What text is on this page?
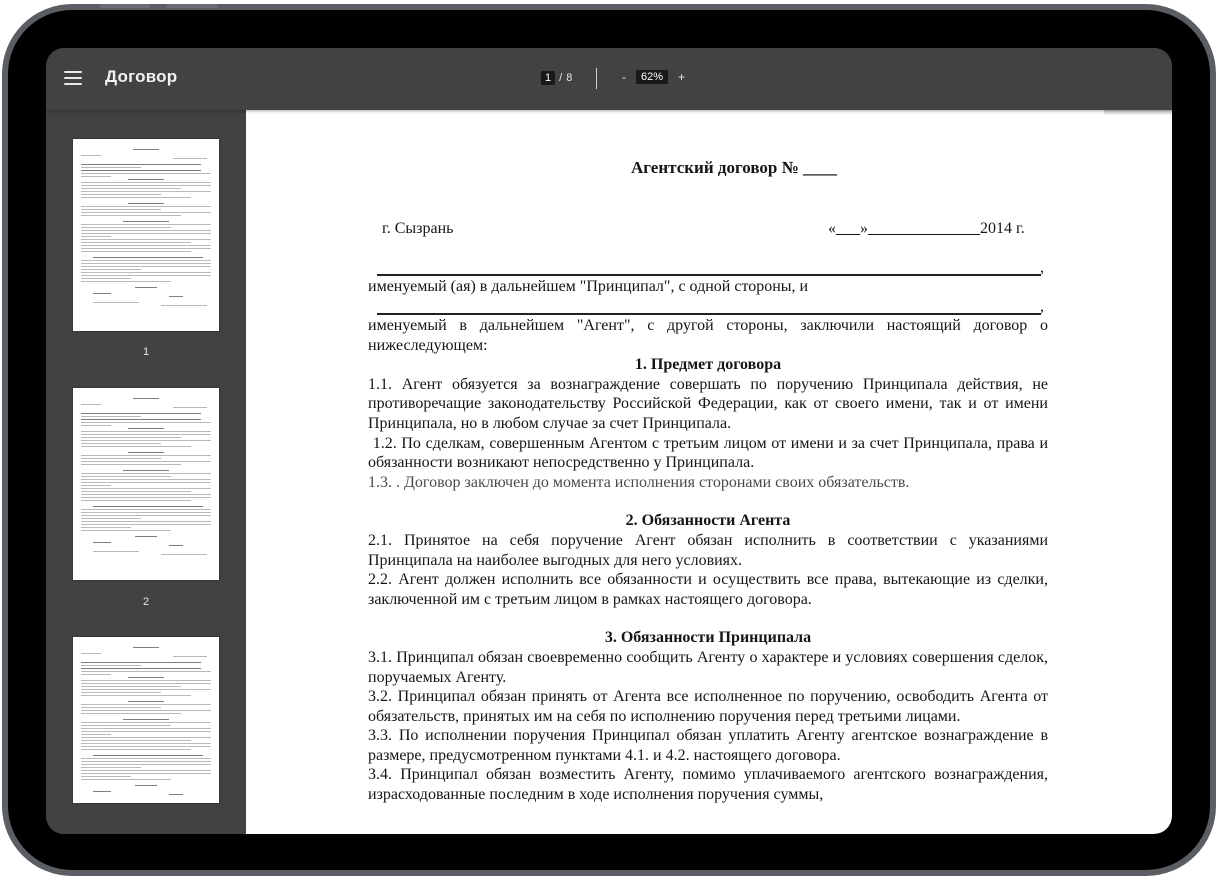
Договор	1 / 8	-	62%	+
1
2
Агентский договор № ____
г. Сызрань	«___»______________2014 г.
,

именуемый (ая) в дальнейшем "Принципал", с одной стороны, и

,

именуемый в дальнейшем "Агент", с другой стороны, заключили настоящий договор о нижеследующем:

1. Предмет договора

1.1. Агент обязуется за вознаграждение совершать по поручению Принципала действия, не противоречащие законодательству Российской Федерации, как от своего имени, так и от имени Принципала, но в любом случае за счет Принципала.

1.2. По сделкам, совершенным Агентом с третьим лицом от имени и за счет Принципала, права и обязанности возникают непосредственно у Принципала.

1.3. . Договор заключен до момента исполнения сторонами своих обязательств.

2. Обязанности Агента

2.1. Принятое на себя поручение Агент обязан исполнить в соответствии с указаниями Принципала на наиболее выгодных для него условиях.

2.2. Агент должен исполнить все обязанности и осуществить все права, вытекающие из сделки, заключенной им с третьим лицом в рамках настоящего договора.

3. Обязанности Принципала

3.1. Принципал обязан своевременно сообщить Агенту о характере и условиях совершения сделок, поручаемых Агенту.

3.2. Принципал обязан принять от Агента все исполненное по поручению, освободить Агента от обязательств, принятых им на себя по исполнению поручения перед третьими лицами.

3.3. По исполнении поручения Принципал обязан уплатить Агенту агентское вознаграждение в размере, предусмотренном пунктами 4.1. и 4.2. настоящего договора.

3.4. Принципал обязан возместить Агенту, помимо уплачиваемого агентского вознаграждения, израсходованные последним в ходе исполнения поручения суммы,
